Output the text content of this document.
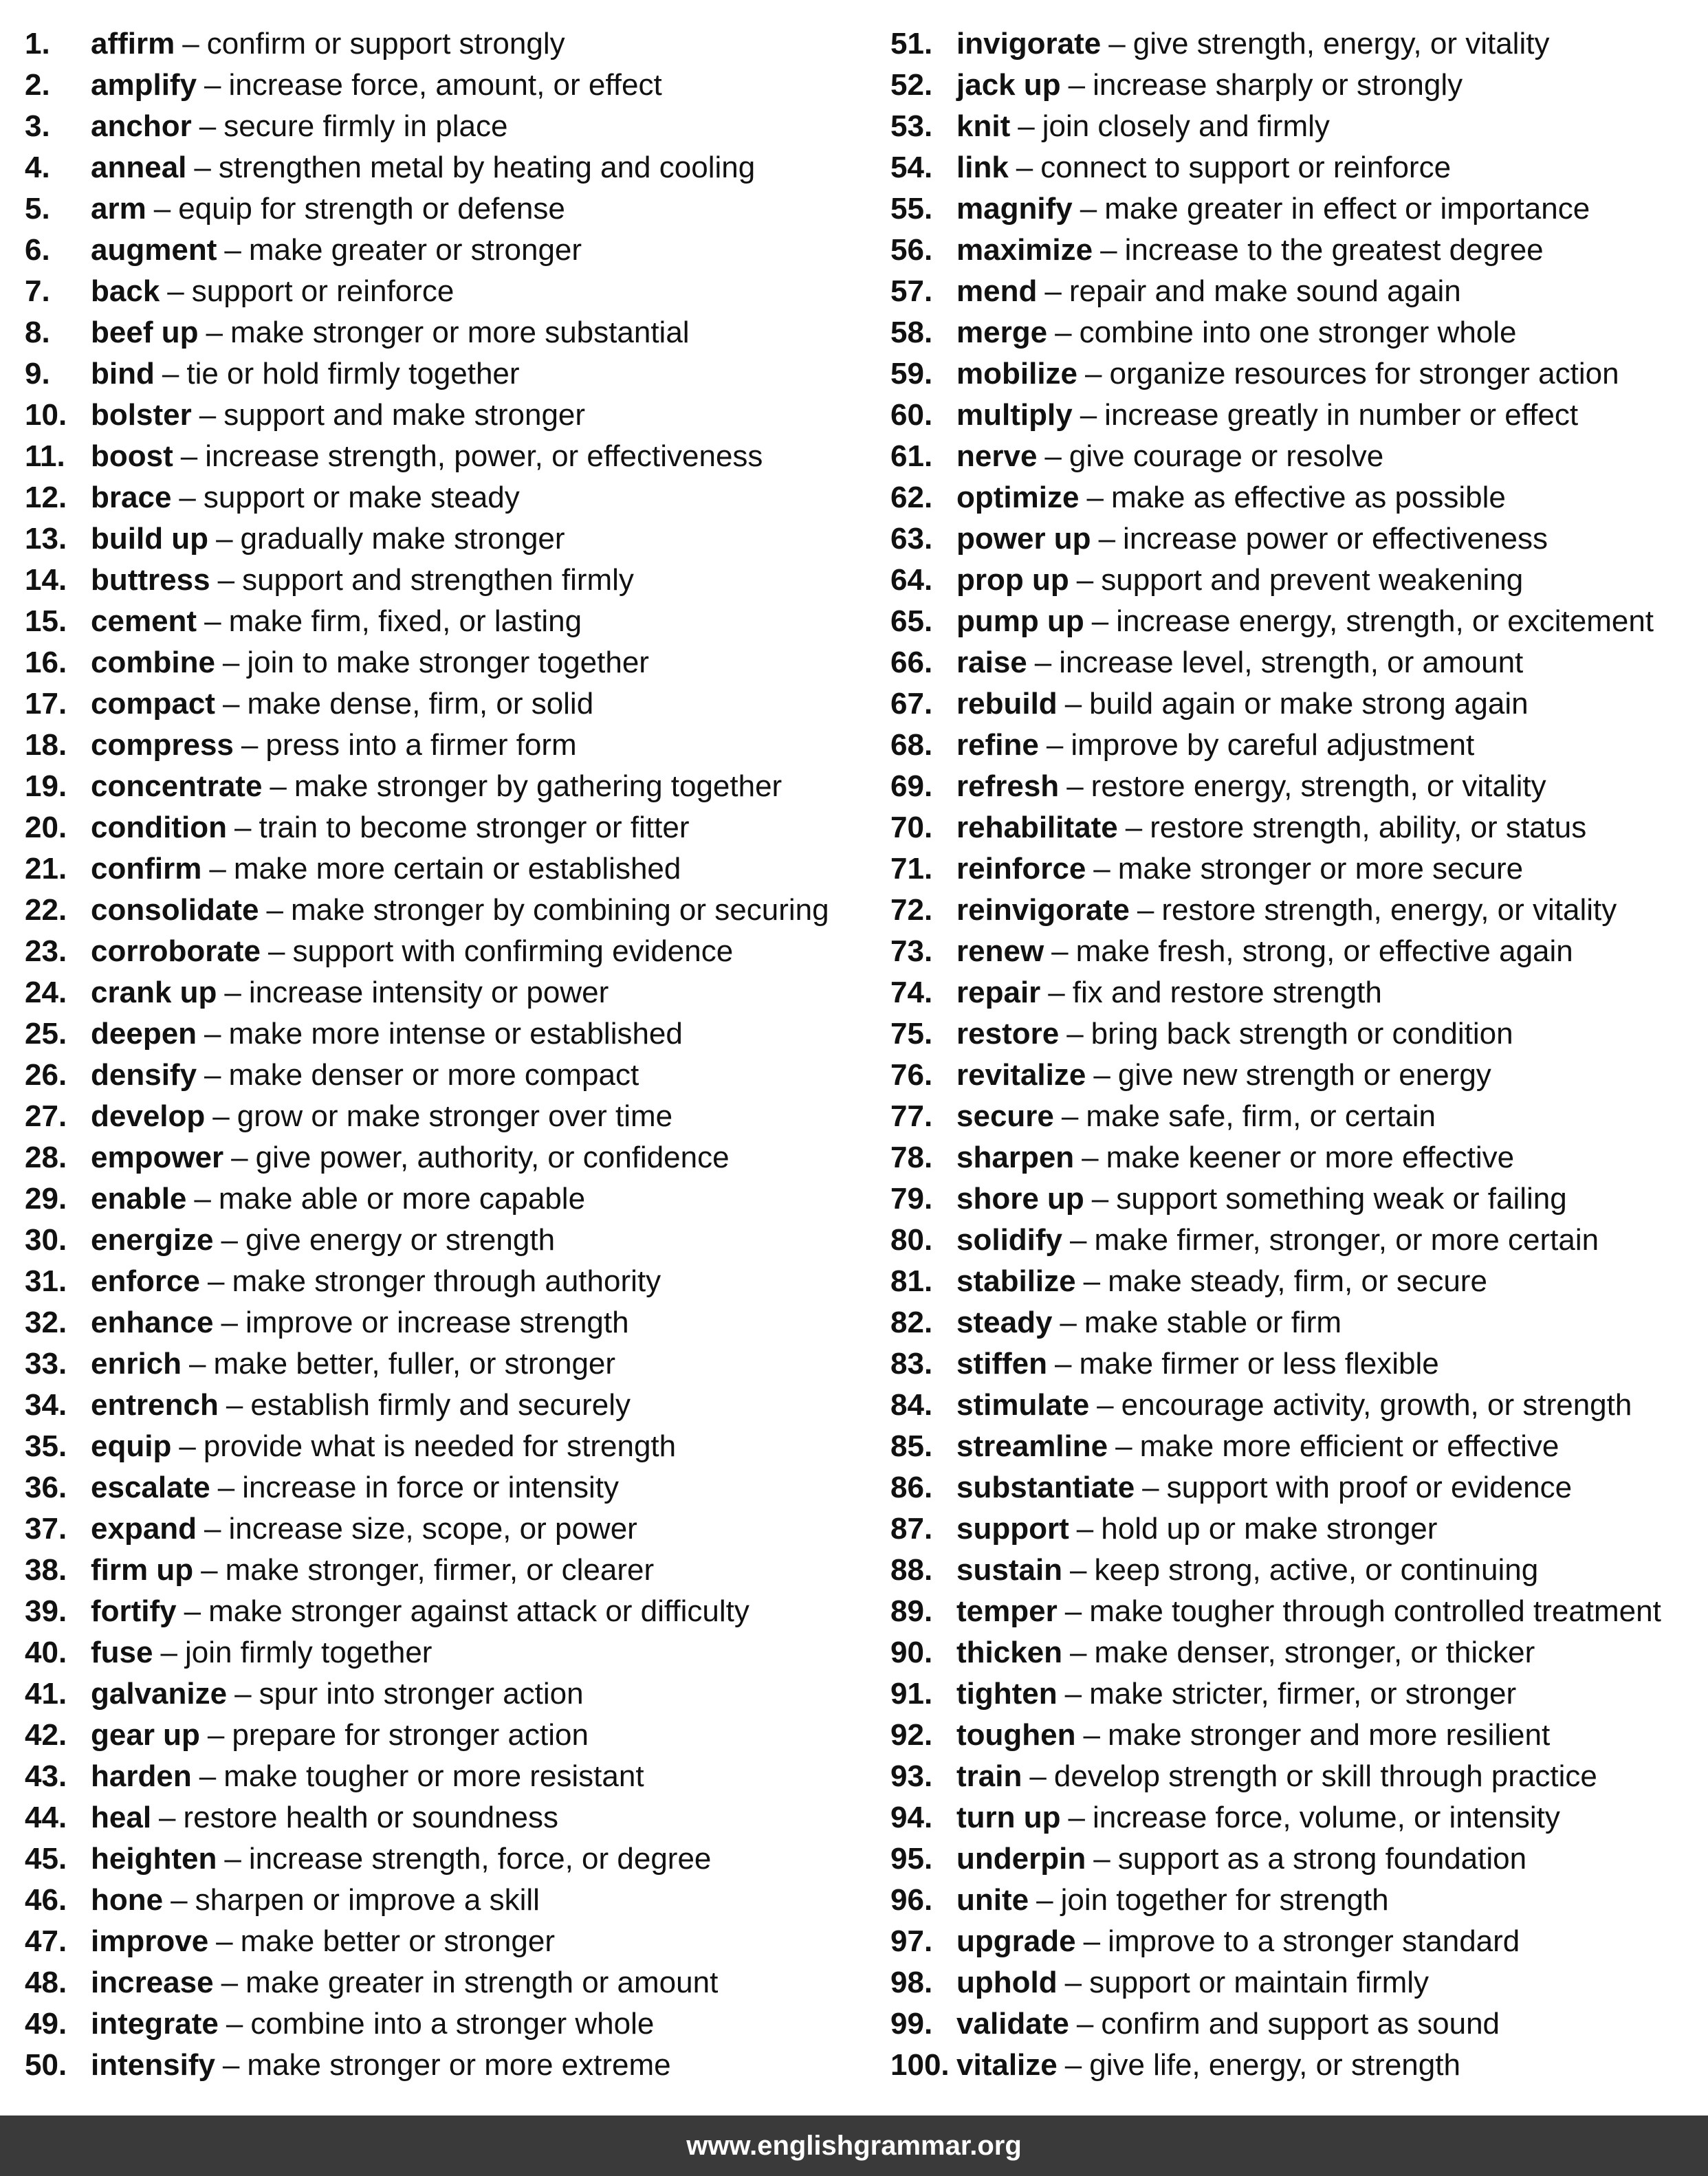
1.	affirm – confirm or support strongly
2.	amplify – increase force, amount, or effect
3.	anchor – secure firmly in place
4.	anneal – strengthen metal by heating and cooling
5.	arm – equip for strength or defense
6.	augment – make greater or stronger
7.	back – support or reinforce
8.	beef up – make stronger or more substantial
9.	bind – tie or hold firmly together
10. bolster – support and make stronger
11. boost – increase strength, power, or effectiveness
12. brace – support or make steady
13. build up – gradually make stronger
14. buttress – support and strengthen firmly
15. cement – make firm, fixed, or lasting
16. combine – join to make stronger together
17. compact – make dense, firm, or solid
18. compress – press into a firmer form
19. concentrate – make stronger by gathering together
20. condition – train to become stronger or fitter
21. confirm – make more certain or established
22. consolidate – make stronger by combining or securing
23. corroborate – support with confirming evidence
24. crank up – increase intensity or power
25. deepen – make more intense or established
26. densify – make denser or more compact
27. develop – grow or make stronger over time
28. empower – give power, authority, or confidence
29. enable – make able or more capable
30. energize – give energy or strength
31. enforce – make stronger through authority
32. enhance – improve or increase strength
33. enrich – make better, fuller, or stronger
34. entrench – establish firmly and securely
35. equip – provide what is needed for strength
36. escalate – increase in force or intensity
37. expand – increase size, scope, or power
38. firm up – make stronger, firmer, or clearer
39. fortify – make stronger against attack or difficulty
40. fuse – join firmly together
41. galvanize – spur into stronger action
42. gear up – prepare for stronger action
43. harden – make tougher or more resistant
44. heal – restore health or soundness
45. heighten – increase strength, force, or degree
46. hone – sharpen or improve a skill
47. improve – make better or stronger
48. increase – make greater in strength or amount
49. integrate – combine into a stronger whole
50. intensify – make stronger or more extreme
51. invigorate – give strength, energy, or vitality
52. jack up – increase sharply or strongly
53. knit – join closely and firmly
54. link – connect to support or reinforce
55. magnify – make greater in effect or importance
56. maximize – increase to the greatest degree
57. mend – repair and make sound again
58. merge – combine into one stronger whole
59. mobilize – organize resources for stronger action
60. multiply – increase greatly in number or effect
61. nerve – give courage or resolve
62. optimize – make as effective as possible
63. power up – increase power or effectiveness
64. prop up – support and prevent weakening
65. pump up – increase energy, strength, or excitement
66. raise – increase level, strength, or amount
67. rebuild – build again or make strong again
68. refine – improve by careful adjustment
69. refresh – restore energy, strength, or vitality
70. rehabilitate – restore strength, ability, or status
71. reinforce – make stronger or more secure
72. reinvigorate – restore strength, energy, or vitality
73. renew – make fresh, strong, or effective again
74. repair – fix and restore strength
75. restore – bring back strength or condition
76. revitalize – give new strength or energy
77. secure – make safe, firm, or certain
78. sharpen – make keener or more effective
79. shore up – support something weak or failing
80. solidify – make firmer, stronger, or more certain
81. stabilize – make steady, firm, or secure
82. steady – make stable or firm
83. stiffen – make firmer or less flexible
84. stimulate – encourage activity, growth, or strength
85. streamline – make more efficient or effective
86. substantiate – support with proof or evidence
87. support – hold up or make stronger
88. sustain – keep strong, active, or continuing
89. temper – make tougher through controlled treatment
90. thicken – make denser, stronger, or thicker
91. tighten – make stricter, firmer, or stronger
92. toughen – make stronger and more resilient
93. train – develop strength or skill through practice
94. turn up – increase force, volume, or intensity
95. underpin – support as a strong foundation
96. unite – join together for strength
97. upgrade – improve to a stronger standard
98. uphold – support or maintain firmly
99. validate – confirm and support as sound
100. vitalize – give life, energy, or strength
www.englishgrammar.org
